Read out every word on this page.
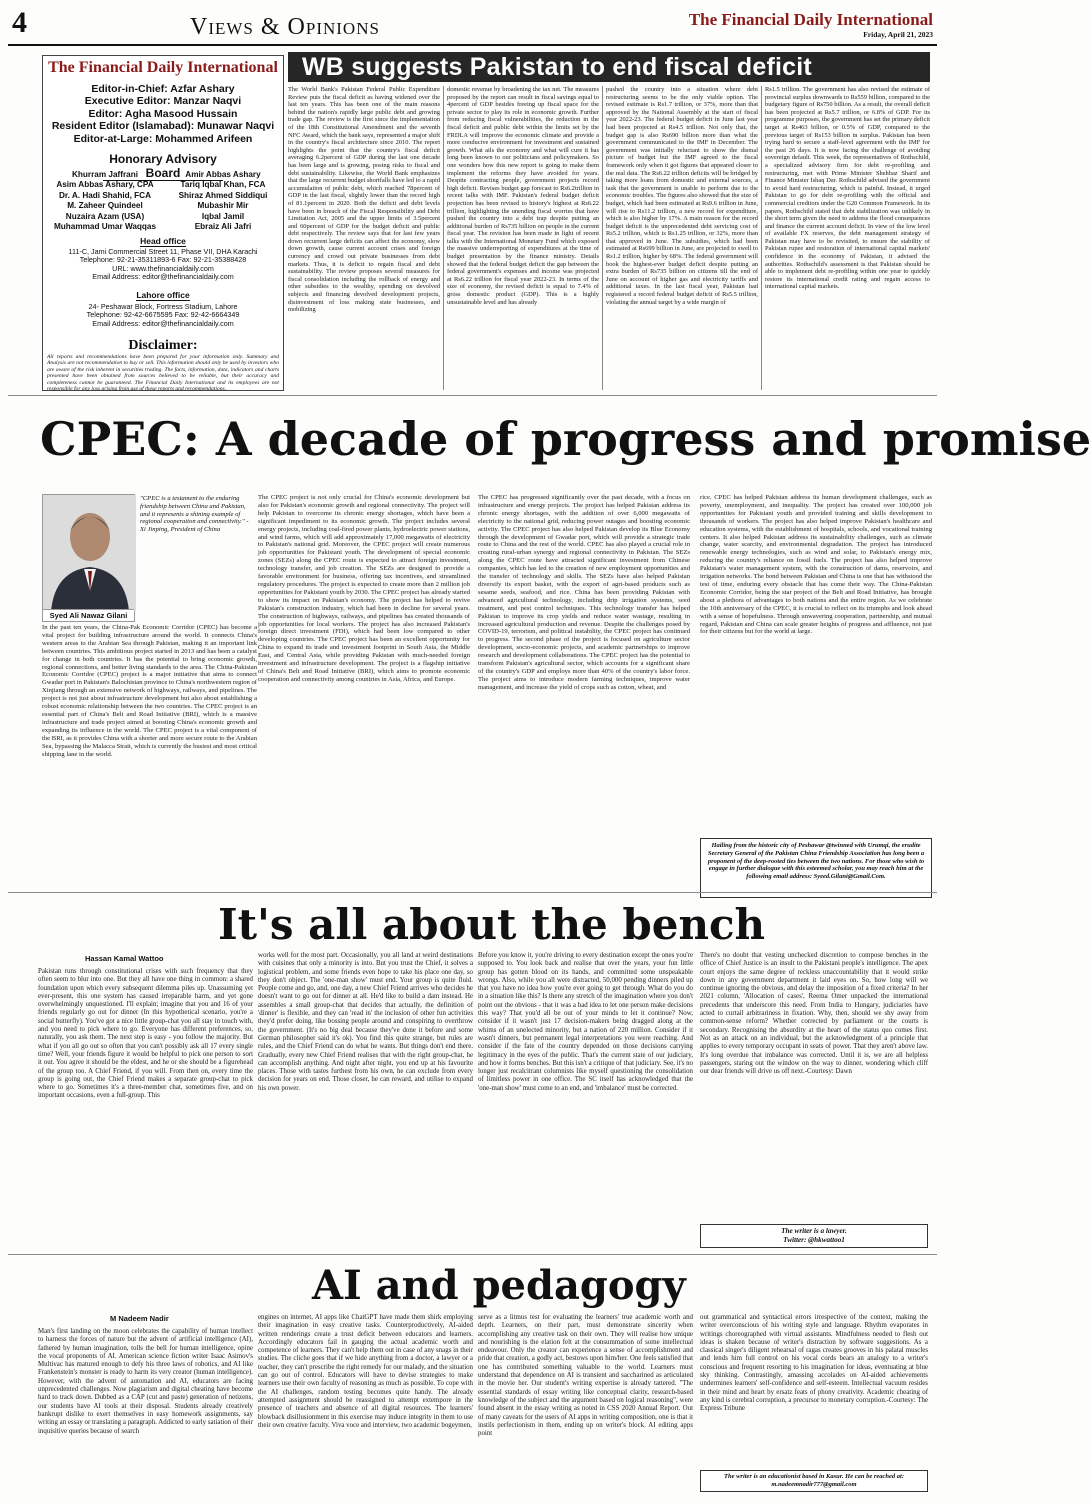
4	Views & Opinions	The Financial Daily International
Friday, April 21, 2023
The Financial Daily International
Editor-in-Chief: Azfar Ashary
Executive Editor: Manzar Naqvi
Editor: Agha Masood Hussain
Resident Editor (Islamabad): Munawar Naqvi
Editor-at-Large: Mohammed Arifeen
Honorary Advisory Board
Khurram Jaffrani
Asim Abbas Ashary, CPA
Dr. A. Hadi Shahid, FCA
M. Zaheer Quindeel
Nuzaira Azam (USA)
Muhammad Umar Waqqas
Amir Abbas Ashary
Tariq Iqbal Khan, FCA
Shiraz Ahmed Siddiqui
Mubashir Mir
Iqbal Jamil
Ebraiz Ali Jafri
Head office
111-C, Jami Commercial Street 11, Phase VII, DHA Karachi
Telephone: 92-21-35311893-6 Fax: 92-21-35388428
URL: www.thefinancialdaily.com
Email Address: editor@thefinancialdaily.com
Lahore office
24- Peshawar Block, Fortress Stadium, Lahore
Telephone: 92-42-6675595 Fax: 92-42-6664349
Email Address: editor@thefinancialdaily.com
Disclaimer:
All reports and recommendations have been prepared for your information only. Summary and Analysis are not recommendation to buy or sell. This information should only be used by investors who are aware of the risk inherent in securities trading. The facts, information, data, indicators and charts presented have been obtained from sources believed to be reliable, but their accuracy and completeness cannot be guaranteed. The Financial Daily International and its employees are not responsible for any loss arising from use of these reports and recommendations.
WB suggests Pakistan to end fiscal deficit

The World Bank's Pakistan Federal Public Expenditure Review puts the fiscal deficit as having widened over the last ten years. This has been one of the main reasons behind the nation's rapidly large public debt and growing trade gap. The review is the first since the implementation of the 18th Constitutional Amendment and the seventh NFC Award, which the bank says, represented a major shift in the country's fiscal architecture since 2010. The report highlights the point that the country's fiscal deficit averaging 6.2percent of GDP during the last one decade has been large and is growing, posing risks to fiscal and debt sustainability. Likewise, the World Bank emphasizes that the large recurrent budget shortfalls have led to a rapid accumulation of public debt, which reached 78percent of GDP in the last fiscal, slightly lower than the record high of 81.1percent in 2020. Both the deficit and debt levels have been in breach of the Fiscal Responsibility and Debt Limitation Act, 2005 and the upper limits of 3.5percent and 60percent of GDP for the budget deficit and public debt respectively. The review says that for last few years down recurrent large deficits can affect the economy, slow down growth, cause current account crises and foreign currency and crowd out private businesses from debt markets. Thus, it is deficit to regain fiscal and debt sustainability. The review proposes several measures for fiscal consolidation including the rollback of energy and other subsidies to the wealthy, spending on devolved subjects and financing devolved development projects, disinvestment of loss making state businesses, and mobilizing

domestic revenue by broadening the tax net. The measures proposed by the report can result in fiscal savings equal to 4percent of GDP besides freeing up fiscal space for the private sector to play its role in economic growth. Further from reducing fiscal vulnerabilities, the reduction in the fiscal deficit and public debt within the limits set by the FRDLA will improve the economic climate and provide a more conducive environment for investment and sustained growth. What ails the economy and what will cure it has long been known to our politicians and policymakers. So one wonders how this new report is going to make them implement the reforms they have avoided for years. Despite contracting people, government projects record high deficit. Revises budget gap forecast to Rs6.2trillion in recent talks with IMF. Pakistan's federal budget deficit projection has been revised to history's highest at Rs6.22 trillion, highlighting the unending fiscal worries that have pushed the country into a debt trap despite putting an additional burden of Rs735 billion on people in the current fiscal year. The revision has been made in light of recent talks with the International Monetary Fund which exposed the massive underreporting of expenditures at the time of budget presentation by the finance ministry. Details showed that the federal budget deficit the gap between the federal government's expenses and income was projected at Rs6.22 trillion for fiscal year 2022-23. In terms of the size of economy, the revised deficit is equal to 7.4% of gross domestic product (GDP). This is a highly unsustainable level and has already

pushed the country into a situation where debt restructuring seems to be the only viable option. The revised estimate is Rs1.7 trillion, or 37%, more than that approved by the National Assembly at the start of fiscal year 2022-23. The federal budget deficit in June last year had been projected at Rs4.5 trillion. Not only that, the budget gap is also Rs690 billion more than what the government communicated to the IMF in December. The government was initially reluctant to show the dismal picture of budget but the IMF agreed to the fiscal framework only when it got figures that appeared closer to the real data. The Rs6.22 trillion deficits will be bridged by taking more loans from domestic and external sources, a task that the government is unable to perform due to the economic troubles. The figures also showed that the size of budget, which had been estimated at Rs9.6 trillion in June, will rise to Rs11.2 trillion, a new record for expenditure, which is also higher by 17%. A main reason for the record budget deficit is the unprecedented debt servicing cost of Rs5.2 trillion, which is Rs1.25 trillion, or 32%, more than that approved in June. The subsidies, which had been estimated at Rs699 billion in June, are projected to swell to Rs1.2 trillion, higher by 68%. The federal government will book the highest-ever budget deficit despite putting an extra burden of Rs735 billion on citizens till the end of June on account of higher gas and electricity tariffs and additional taxes. In the last fiscal year, Pakistan had registered a record federal budget deficit of Rs5.5 trillion, violating the annual target by a wide margin of

Rs1.5 trillion. The government has also revised the estimate of provincial surplus downwards to Rs559 billion, compared to the budgetary figure of Rs750 billion. As a result, the overall deficit has been projected at Rs5.7 trillion, or 6.8% of GDP. For its programme purposes, the government has set the primary deficit target at Rs463 billion, or 0.5% of GDP, compared to the previous target of Rs153 billion in surplus. Pakistan has been trying hard to secure a staff-level agreement with the IMF for the past 26 days. It is now facing the challenge of avoiding sovereign default. This week, the representatives of Rothschild, a specialized advisory firm for debt re-profiling and restructuring, met with Prime Minister Shehbaz Sharif and Finance Minister Ishaq Dar. Rothschild advised the government to avoid hard restructuring, which is painful. Instead, it urged Pakistan to go for debt re-profiling with the official and commercial creditors under the G20 Common Framework. In its papers, Rothschild stated that debt stabilization was unlikely in the short term given the need to address the flood consequences and finance the current account deficit. In view of the low level of available FX reserves, the debt management strategy of Pakistan may have to be revisited, to ensure the stability of Pakistan rupee and restoration of international capital markets' confidence in the economy of Pakistan, it advised the authorities. Rothschild's assessment is that Pakistan should be able to implement debt re-profiling within one year to quickly restore its international credit rating and regain access to international capital markets.

CPEC: A decade of progress and promise
Syed Ali Nawaz Gilani
"CPEC is a testament to the enduring friendship between China and Pakistan, and it represents a shining example of regional cooperation and connectivity." - Xi Jinping, President of China

In the past ten years, the China-Pak Economic Corridor (CPEC) has become a vital project for building infrastructure around the world. It connects China's western areas to the Arabian Sea through Pakistan, making it an important link between countries. This ambitious project started in 2013 and has been a catalyst for change in both countries. It has the potential to bring economic growth, regional connections, and better living standards to the area. The China-Pakistan Economic Corridor (CPEC) project is a major initiative that aims to connect Gwadar port in Pakistan's Balochistan province to China's northwestern region of Xinjiang through an extensive network of highways, railways, and pipelines. The project is not just about infrastructure development but also about establishing a robust economic relationship between the two countries. The CPEC project is an essential part of China's Belt and Road Initiative (BRI), which is a massive infrastructure and trade project aimed at boosting China's economic growth and expanding its influence in the world. The CPEC project is a vital component of the BRI, as it provides China with a shorter and more secure route to the Arabian Sea, bypassing the Malacca Strait, which is currently the busiest and most critical shipping lane in the world.

The CPEC project is not only crucial for China's economic development but also for Pakistan's economic growth and regional connectivity. The project will help Pakistan to overcome its chronic energy shortages, which have been a significant impediment to its economic growth. The project includes several energy projects, including coal-fired power plants, hydroelectric power stations, and wind farms, which will add approximately 17,000 megawatts of electricity to Pakistan's national grid. Moreover, the CPEC project will create numerous job opportunities for Pakistani youth. The development of special economic zones (SEZs) along the CPEC route is expected to attract foreign investment, technology transfer, and job creation. The SEZs are designed to provide a favorable environment for business, offering tax incentives, and streamlined regulatory procedures. The project is expected to create more than 2 million job opportunities for Pakistani youth by 2030. The CPEC project has already started to show its impact on Pakistan's economy. The project has helped to revive Pakistan's construction industry, which had been in decline for several years. The construction of highways, railways, and pipelines has created thousands of job opportunities for local workers. The project has also increased Pakistan's foreign direct investment (FDI), which had been low compared to other developing countries. The CPEC project has been an excellent opportunity for China to expand its trade and investment footprint in South Asia, the Middle East, and Central Asia, while providing Pakistan with much-needed foreign investment and infrastructure development. The project is a flagship initiative of China's Belt and Road Initiative (BRI), which aims to promote economic cooperation and connectivity among countries in Asia, Africa, and Europe.

The CPEC has progressed significantly over the past decade, with a focus on infrastructure and energy projects. The project has helped Pakistan address its chronic energy shortages, with the addition of over 6,000 megawatts of electricity to the national grid, reducing power outages and boosting economic activity. The CPEC project has also helped Pakistan develop its Blue Economy through the development of Gwadar port, which will provide a strategic trade route to China and the rest of the world. CPEC has also played a crucial role in creating rural-urban synergy and regional connectivity in Pakistan. The SEZs along the CPEC route have attracted significant investment from Chinese companies, which has led to the creation of new employment opportunities and the transfer of technology and skills. The SEZs have also helped Pakistan diversify its export basket, with the export of agri-based products such as sesame seeds, seafood, and rice. China has been providing Pakistan with advanced agricultural technology, including drip irrigation systems, seed treatment, and pest control techniques. This technology transfer has helped Pakistan to improve its crop yields and reduce water wastage, resulting in increased agricultural production and revenue. Despite the challenges posed by COVID-19, terrorism, and political instability, the CPEC project has continued to progress. The second phase of the project is focused on agriculture sector development, socio-economic projects, and academic partnerships to improve research and development collaborations. The CPEC project has the potential to transform Pakistan's agricultural sector, which accounts for a significant share of the country's GDP and employs more than 40% of the country's labor force. The project aims to introduce modern farming techniques, improve water management, and increase the yield of crops such as cotton, wheat, and

rice. CPEC has helped Pakistan address its human development challenges, such as poverty, unemployment, and inequality. The project has created over 100,000 job opportunities for Pakistani youth and provided training and skills development to thousands of workers. The project has also helped improve Pakistan's healthcare and education systems, with the establishment of hospitals, schools, and vocational training centers. It also helped Pakistan address its sustainability challenges, such as climate change, water scarcity, and environmental degradation. The project has introduced renewable energy technologies, such as wind and solar, to Pakistan's energy mix, reducing the country's reliance on fossil fuels. The project has also helped improve Pakistan's water management system, with the construction of dams, reservoirs, and irrigation networks. The bond between Pakistan and China is one that has withstood the test of time, enduring every obstacle that has come their way. The China-Pakistan Economic Corridor, being the star project of the Belt and Road Initiative, has brought about a plethora of advantages to both nations and the entire region. As we celebrate the 10th anniversary of the CPEC, it is crucial to reflect on its triumphs and look ahead with a sense of hopefulness. Through unwavering cooperation, partnership, and mutual regard, Pakistan and China can scale greater heights of progress and affluence, not just for their citizens but for the world at large.

Hailing from the historic city of Peshawar @twinned with Urumqi, the erudite Secretary General of the Pakistan China Friendship Association has long been a proponent of the deep-rooted ties between the two nations. For those who wish to engage in further dialogue with this esteemed scholar, you may reach him at the following email address: Syeed.Gilani@Gmail.Com.
It's all about the bench
Hassan Kamal Wattoo

Pakistan runs through constitutional crises with such frequency that they often seem to blur into one. But they all have one thing in common: a shared foundation upon which every subsequent dilemma piles up. Unassuming yet ever-present, this one system has caused irreparable harm, and yet gone overwhelmingly unquestioned. I'll explain; imagine that you and 16 of your friends regularly go out for dinner (In this hypothetical scenario, you're a social butterfly). You've got a nice little group-chat you all stay in touch with, and you need to pick where to go. Everyone has different preferences, so, naturally, you ask them. The next step is easy - you follow the majority. But what if you all go out so often that you can't possibly ask all 17 every single time? Well, your friends figure it would be helpful to pick one person to sort it out. You agree it should be the eldest, and he or she should be a figurehead of the group too. A Chief Friend, if you will. From then on, every time the group is going out, the Chief Friend makes a separate group-chat to pick where to go. Sometimes it's a three-member chat, sometimes five, and on important occasions, even a full-group. This

works well for the most part. Occasionally, you all land at weird destinations with cuisines that only a minority is into. But you trust the Chief, it solves a logistical problem, and some friends even hope to take his place one day, so they don't object. The 'one-man show' must end. Your group is quite fluid. People come and go, and, one day, a new Chief Friend arrives who decides he doesn't want to go out for dinner at all. He'd like to build a dam instead. He assembles a small group-chat that decides that actually, the definition of 'dinner' is flexible, and they can 'read in' the inclusion of other fun activities they'd prefer doing, like bossing people around and conspiring to overthrow the government. (It's no big deal because they've done it before and some German philosopher said it's ok). You find this quite strange, but rules are rules, and the Chief Friend can do what he wants. But things don't end there. Gradually, every new Chief Friend realises that with the right group-chat, he can accomplish anything. And night after night, you end up at his favourite places. Those with tastes furthest from his own, he can exclude from every decision for years on end. Those closer, he can reward, and utilise to expand his own power.

Before you know it, you're driving to every destination except the ones you're supposed to. You look back and realise that over the years, your fun little group has gotten blood on its hands, and committed some unspeakable wrongs. Also, while you all were distracted, 50,000 pending dinners piled up that you have no idea how you're ever going to get through. What do you do in a situation like this? Is there any stretch of the imagination where you don't point out the obvious - that it was a bad idea to let one person make decisions this way? That you'd all be out of your minds to let it continue? Now, consider if it wasn't just 17 decision-makers being dragged along at the whims of an unelected minority, but a nation of 220 million. Consider if it wasn't dinners, but permanent legal interpretations you were reaching. And consider if the fate of the country depended on those decisions carrying legitimacy in the eyes of the public. That's the current state of our judiciary, and how it forms benches. But this isn't a critique of that judiciary. See, it's no longer just recalcitrant columnists like myself questioning the consolidation of limitless power in one office. The SC itself has acknowledged that the 'one-man show' must come to an end, and 'imbalance' must be corrected.

There's no doubt that vesting unchecked discretion to compose benches in the office of Chief Justice is an insult to the Pakistani people's intelligence. The apex court enjoys the same degree of reckless unaccountability that it would strike down in any government department it laid eyes on. So, how long will we continue ignoring the obvious, and delay the imposition of a fixed criteria? In her 2021 column, 'Allocation of cases', Reema Omer unpacked the international precedents that underscore this need. From India to Hungary, judiciaries have acted to curtail arbitrariness in fixation. Why, then, should we shy away from common-sense reform? Whether corrected by parliament or the courts is secondary. Recognising the absurdity at the heart of the status quo comes first. Not as an attack on an individual, but the acknowledgment of a principle that applies to every temporary occupant in seats of power. That they aren't above law. It's long overdue that imbalance was corrected. Until it is, we are all helpless passengers, staring out the window on the way to dinner, wondering which cliff our dear friends will drive us off next.-Courtesy: Dawn

The writer is a lawyer.
Twitter: @hkwattoo1
AI and pedagogy
M Nadeem Nadir

Man's first landing on the moon celebrates the capability of human intellect to harness the forces of nature but the advent of artificial intelligence (AI), fathered by human imagination, tolls the bell for human intelligence, opine the vocal proponents of AI. American science fiction writer Isaac Asimov's Multivac has matured enough to defy his three laws of robotics, and AI like Frankenstein's monster is ready to harm its very creator (human intelligence). However, with the advent of automation and AI, educators are facing unprecedented challenges. Now plagiarism and digital cheating have become hard to track down. Dubbed as a CAP (cut and paste) generation of netizens, our students have AI tools at their disposal. Students already creatively bankrupt dislike to exert themselves in easy homework assignments, say writing an essay or translating a paragraph. Addicted to early satiation of their inquisitive queries because of search

engines on internet, AI apps like ChatGPT have made them shirk employing their imagination in easy creative tasks. Counterproductively, AI-aided written renderings create a trust deficit between educators and learners. Accordingly educators fail in gauging the actual academic worth and competence of learners. They can't help them out in case of any snags in their studies. The cliche goes that if we hide anything from a doctor, a lawyer or a teacher, they can't prescribe the right remedy for our malady, and the situation can go out of control. Educators will have to devise strategies to make learners use their own faculty of reasoning as much as possible. To cope with the AI challenges, random testing becomes quite handy. The already attempted assignment should be reassigned to attempt extempore in the presence of teachers and absence of all digital resources. The learners' blowback disillusionment in this exercise may induce integrity in them to use their own creative faculty. Viva voce and interview, two academic bogeymen,

serve as a litmus test for evaluating the learners' true academic worth and depth. Learners, on their part, must demonstrate sincerity when accomplishing any creative task on their own. They will realise how unique and nourishing is the elation felt at the consummation of some intellectual endeavour. Only the creator can experience a sense of accomplishment and pride that creation, a godly act, bestows upon him/her. One feels satisfied that one has contributed something valuable to the world. Learners must understand that dependence on AI is transient and saccharined as articulated in the movie her. Our student's writing expertise is already tattered. "The essential standards of essay writing like conceptual clarity, research-based knowledge of the subject and the argument based on logical reasoning", were found absent in the essay writing as noted in CSS 2020 Annual Report. Out of many caveats for the users of AI apps in writing composition, one is that it instils perfectionism in them, ending up on writer's block. AI editing apps point

out grammatical and syntactical errors irrespective of the context, making the writer overconscious of his writing style and language. Rhythm evaporates in writings choreographed with virtual assistants. Mindfulness needed to flesh out ideas is shaken because of writer's distraction by software suggestions. As a classical singer's diligent rehearsal of ragas creates grooves in his palatal muscles and lends him full control on his vocal cords bears an analogy to a writer's conscious and frequent resorting to his imagination for ideas, eventuating at blue sky thinking. Contrastingly, amassing accolades on AI-aided achievements undermines learners' self-confidence and self-esteem. Intellectual vacuum resides in their mind and heart by ersatz feats of phony creativity. Academic cheating of any kind is cerebral corruption, a precursor to monetary corruption.-Courtesy: The Express Tribune

The writer is an educationist based in Kasur. He can be reached at: m.nadeemnadir777@gmail.com
